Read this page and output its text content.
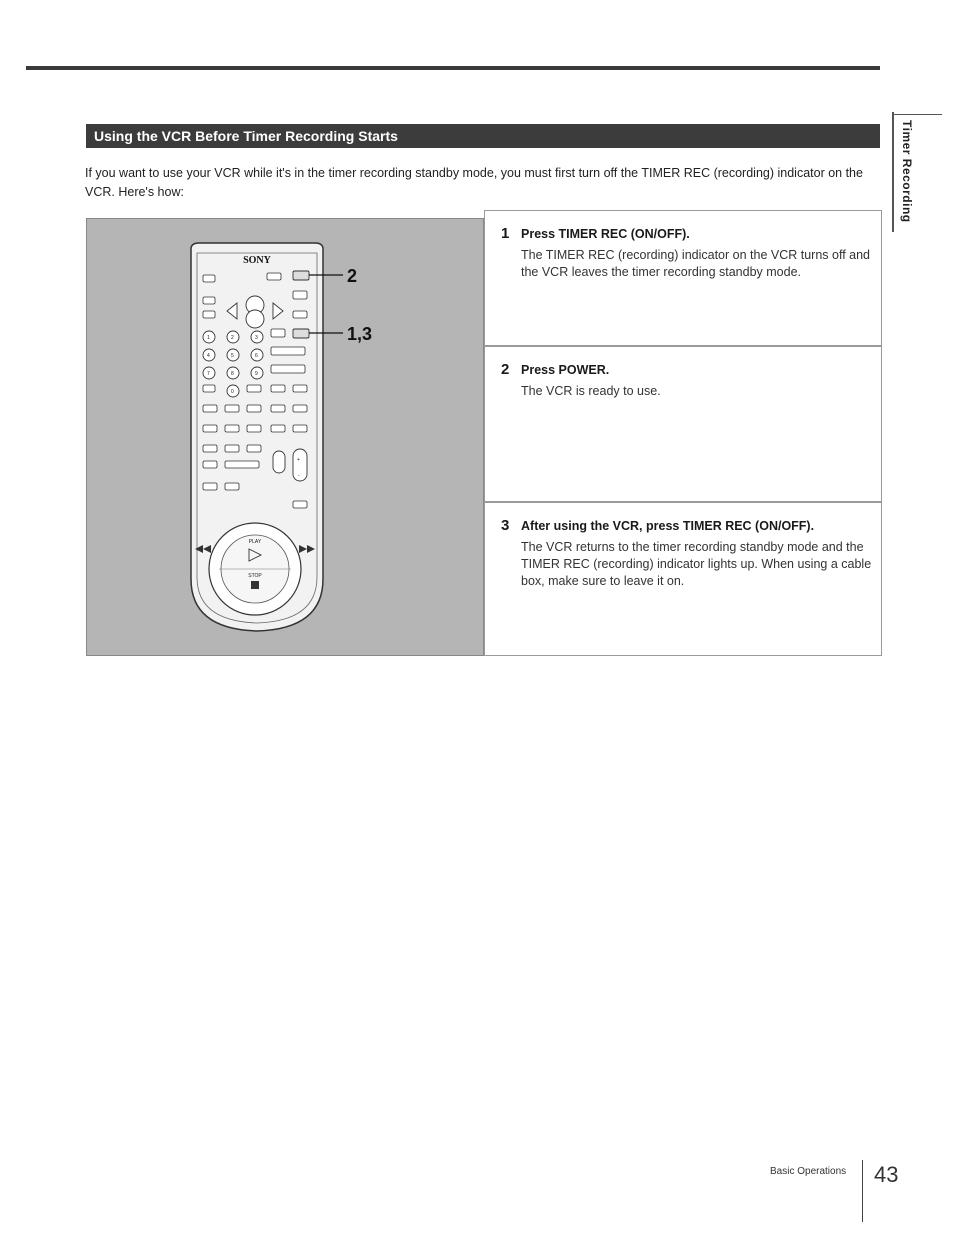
Using the VCR Before Timer Recording Starts	Timer Recording
If you want to use your VCR while it's in the timer recording standby mode, you must first turn off the TIMER REC (recording) indicator on the VCR. Here's how:
SONY
2
1	2	3
4	5	6
7	8	9
0
1,3
+
-
PLAY
STOP
1 Press TIMER REC (ON/OFF).
The TIMER REC (recording) indicator on the VCR turns off and the VCR leaves the timer recording standby mode.
2 Press POWER.
The VCR is ready to use.
3 After using the VCR, press TIMER REC (ON/OFF).
The VCR returns to the timer recording standby mode and the TIMER REC (recording) indicator lights up. When using a cable box, make sure to leave it on.
Basic Operations 43
